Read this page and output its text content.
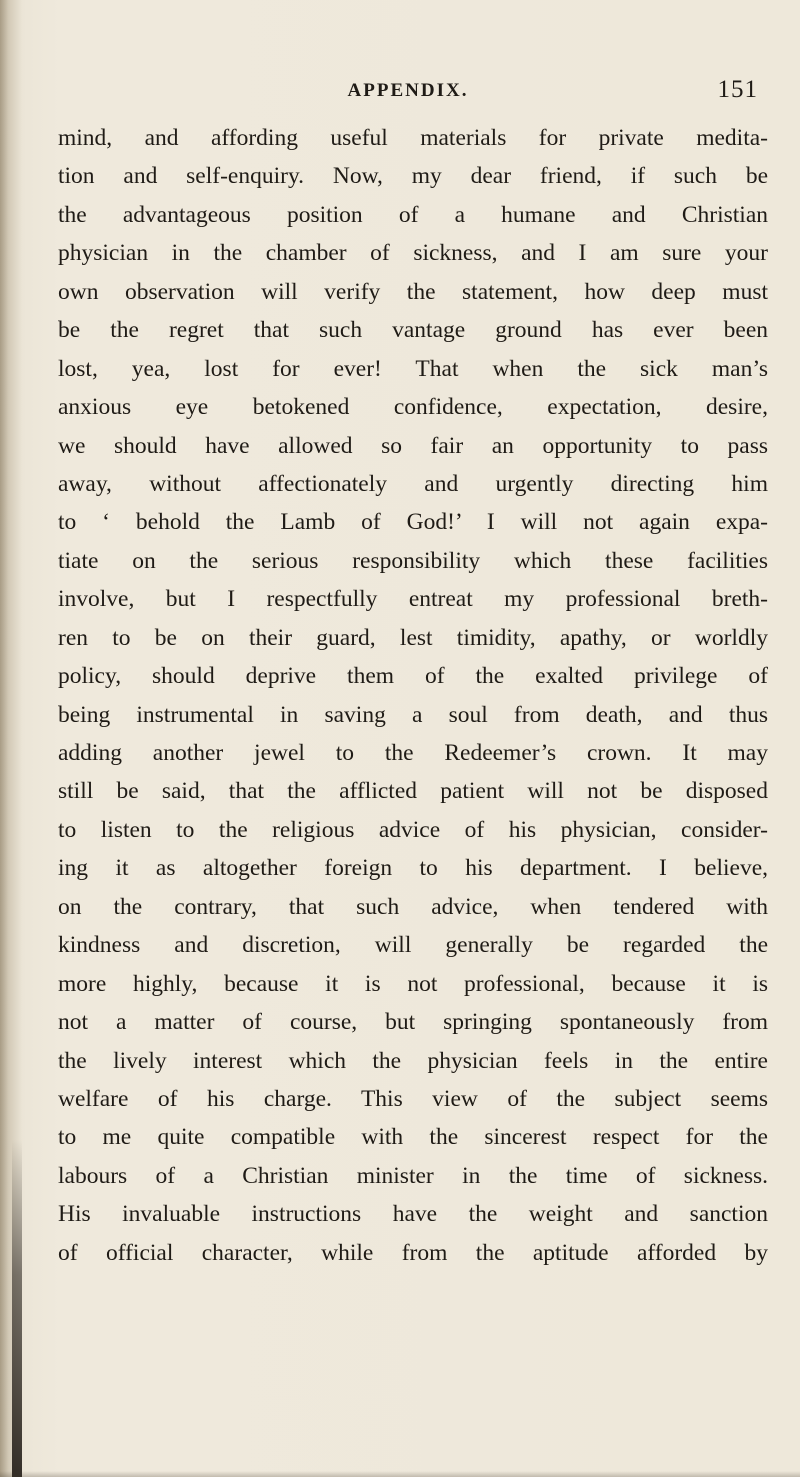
APPENDIX.	151
mind, and affording useful materials for private medita-
tion and self-enquiry. Now, my dear friend, if such be
the advantageous position of a humane and Christian
physician in the chamber of sickness, and I am sure your
own observation will verify the statement, how deep must
be the regret that such vantage ground has ever been
lost, yea, lost for ever! That when the sick man’s
anxious eye betokened confidence, expectation, desire,
we should have allowed so fair an opportunity to pass
away, without affectionately and urgently directing him
to ‘ behold the Lamb of God!’ I will not again expa-
tiate on the serious responsibility which these facilities
involve, but I respectfully entreat my professional breth-
ren to be on their guard, lest timidity, apathy, or worldly
policy, should deprive them of the exalted privilege of
being instrumental in saving a soul from death, and thus
adding another jewel to the Redeemer’s crown. It may
still be said, that the afflicted patient will not be disposed
to listen to the religious advice of his physician, consider-
ing it as altogether foreign to his department. I believe,
on the contrary, that such advice, when tendered with
kindness and discretion, will generally be regarded the
more highly, because it is not professional, because it is
not a matter of course, but springing spontaneously from
the lively interest which the physician feels in the entire
welfare of his charge. This view of the subject seems
to me quite compatible with the sincerest respect for the
labours of a Christian minister in the time of sickness.
His invaluable instructions have the weight and sanction
of official character, while from the aptitude afforded by
